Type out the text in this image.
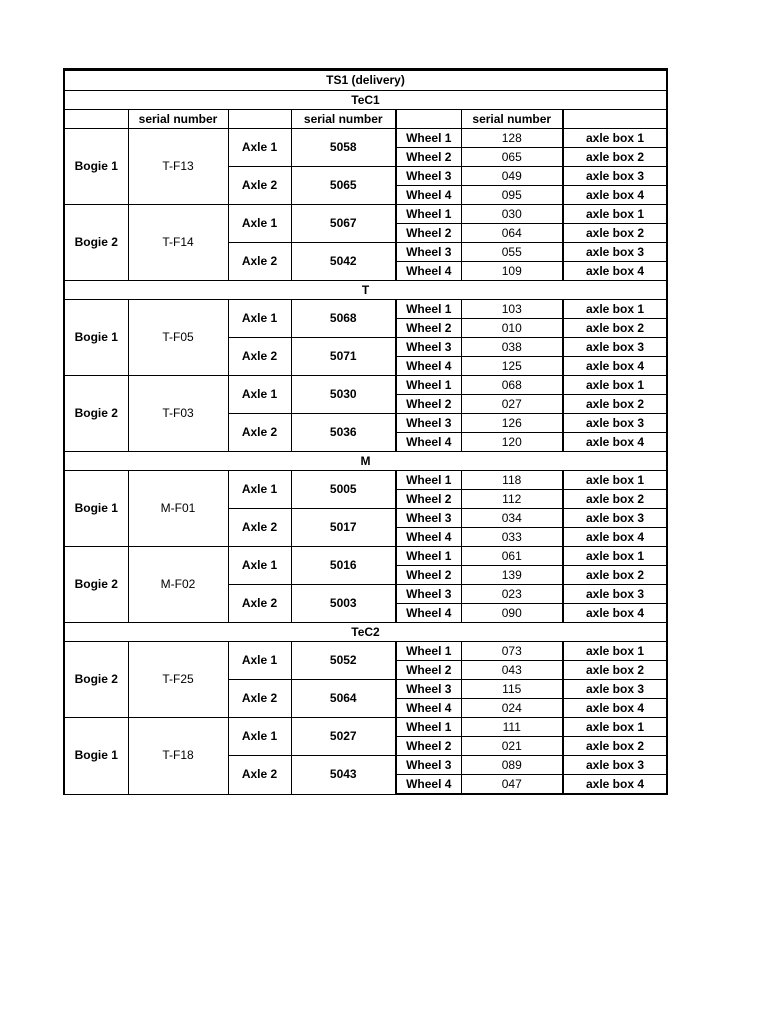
TS1 (delivery)						
TeC1						
	serial number		serial number		serial number	
Bogie 1	T-F13	Axle 1	5058	Wheel 1	128	axle box 1
				Wheel 2	065	axle box 2
		Axle 2	5065	Wheel 3	049	axle box 3
				Wheel 4	095	axle box 4
Bogie 2	T-F14	Axle 1	5067	Wheel 1	030	axle box 1
				Wheel 2	064	axle box 2
		Axle 2	5042	Wheel 3	055	axle box 3
				Wheel 4	109	axle box 4
T						
Bogie 1	T-F05	Axle 1	5068	Wheel 1	103	axle box 1
				Wheel 2	010	axle box 2
		Axle 2	5071	Wheel 3	038	axle box 3
				Wheel 4	125	axle box 4
Bogie 2	T-F03	Axle 1	5030	Wheel 1	068	axle box 1
				Wheel 2	027	axle box 2
		Axle 2	5036	Wheel 3	126	axle box 3
				Wheel 4	120	axle box 4
M						
Bogie 1	M-F01	Axle 1	5005	Wheel 1	118	axle box 1
				Wheel 2	112	axle box 2
		Axle 2	5017	Wheel 3	034	axle box 3
				Wheel 4	033	axle box 4
Bogie 2	M-F02	Axle 1	5016	Wheel 1	061	axle box 1
				Wheel 2	139	axle box 2
		Axle 2	5003	Wheel 3	023	axle box 3
				Wheel 4	090	axle box 4
TeC2						
Bogie 2	T-F25	Axle 1	5052	Wheel 1	073	axle box 1
				Wheel 2	043	axle box 2
		Axle 2	5064	Wheel 3	115	axle box 3
				Wheel 4	024	axle box 4
Bogie 1	T-F18	Axle 1	5027	Wheel 1	111	axle box 1
				Wheel 2	021	axle box 2
		Axle 2	5043	Wheel 3	089	axle box 3
				Wheel 4	047	axle box 4
